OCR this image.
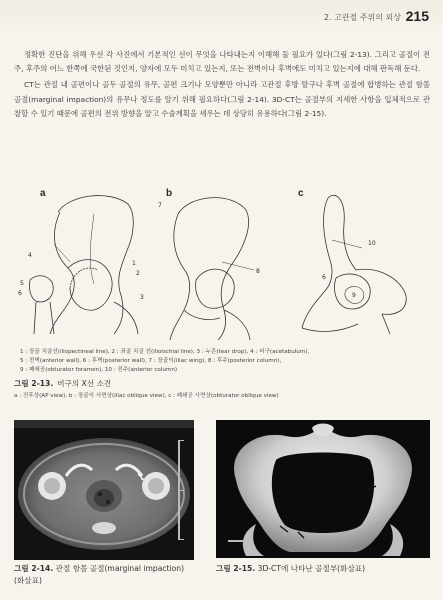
2. 고관절 주위의 외상 215

정확한 진단을 위해 우선 각 사진에서 기본적인 선이 무엇을 나타내는지 이해해 둘 필요가 있다(그림 2-13). 그리고 골절이 전주, 후주의 어느 한쪽에 국한된 것인지, 양자에 모두 미치고 있는지, 또는 전벽이나 후벽에도 미치고 있는지에 대해 판독해 둔다.

CT는 관절 내 골편이나 골두 골절의 유무, 골편 크기나 모양뿐만 아니라 고관절 후방 탈구나 후벽 골절에 합병하는 관절 함몰 골절(marginal impaction)의 유무나 정도를 알기 위해 필요하다(그림 2-14). 3D-CT는 골절부의 지세한 사항을 입체적으로 관찰할 수 있기 때문에 골편의 전위 방향을 알고 수술계획을 세우는 데 상당히 유용하다(그림 2-15).

a	b	c
4
1
2
5
3
6
7
8
10
6
9
1 : 장골 치골선(iliopectineal line), 2 : 좌골 치골 선(ilioischial line), 3 : 누흔(tear drop), 4 : 비구(acetabulum),
5 : 전벽(anterior wall), 6 : 후벽(posterior wall), 7 : 장골익(iliac wing), 8 : 후주(posterior column),
9 : 폐쇄공(obturator foramen), 10 : 전주(anterior column)
그림 2-13. 비구의 X선 소견
a : 전후상(AP view), b : 장골익 사면상(iliac oblique view), c : 폐쇄공 사면상(obturator oblique view)
그림 2-14. 관절 함몰 골절(marginal impaction)
(화살표)
그림 2-15. 3D-CT에 나타난 골절부(화살표)
